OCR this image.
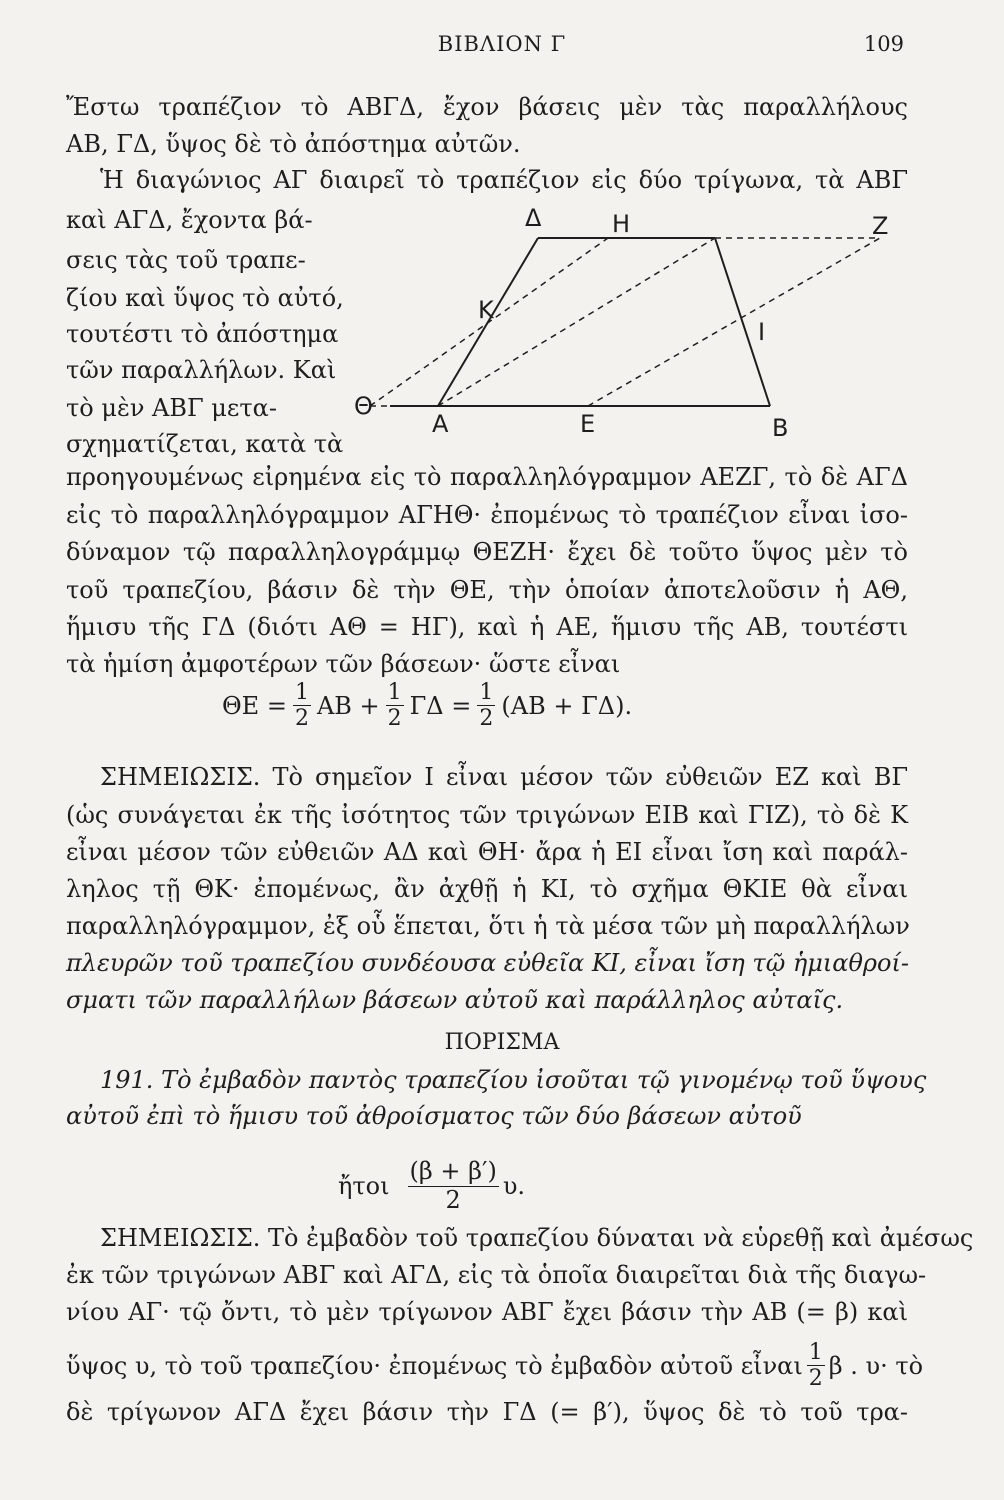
ΒΙΒΛΙΟΝ Γ	109
Ἔστω τραπέζιον τὸ ΑΒΓΔ, ἔχον βάσεις μὲν τὰς παραλλήλους
ΑΒ, ΓΔ, ὕψος δὲ τὸ ἀπόστημα αὐτῶν.
Ἡ διαγώνιος ΑΓ διαιρεῖ τὸ τραπέζιον εἰς δύο τρίγωνα, τὰ ΑΒΓ
καὶ ΑΓΔ, ἔχοντα βά-
σεις τὰς τοῦ τραπε-
ζίου καὶ ὕψος τὸ αὐτό,
τουτέστι τὸ ἀπόστημα
τῶν παραλλήλων. Καὶ
τὸ μὲν ΑΒΓ μετα-
σχηματίζεται, κατὰ τὰ
Δ	Η	Ζ
Κ
Ι
Θ
Α	Ε	Β
προηγουμένως εἰρημένα εἰς τὸ παραλληλόγραμμον ΑΕΖΓ, τὸ δὲ ΑΓΔ
εἰς τὸ παραλληλόγραμμον ΑΓΗΘ· ἐπομένως τὸ τραπέζιον εἶναι ἰσο-
δύναμον τῷ παραλληλογράμμῳ ΘΕΖΗ· ἔχει δὲ τοῦτο ὕψος μὲν τὸ
τοῦ τραπεζίου, βάσιν δὲ τὴν ΘΕ, τὴν ὁποίαν ἀποτελοῦσιν ἡ ΑΘ,
ἥμισυ τῆς ΓΔ (διότι ΑΘ = ΗΓ), καὶ ἡ ΑΕ, ἥμισυ τῆς ΑΒ, τουτέστι
τὰ ἡμίση ἀμφοτέρων τῶν βάσεων· ὥστε εἶναι
$\Theta E = \frac{1}{2}$ $AB + \frac{1}{2}$ $\Gamma\Delta = \frac{1}{2} (AB + \Gamma\Delta)$.
ΣΗΜΕΙΩΣΙΣ. Τὸ σημεῖον Ι εἶναι μέσον τῶν εὐθειῶν ΕΖ καὶ ΒΓ
(ὡς συνάγεται ἐκ τῆς ἰσότητος τῶν τριγώνων ΕΙΒ καὶ ΓΙΖ), τὸ δὲ Κ
εἶναι μέσον τῶν εὐθειῶν ΑΔ καὶ ΘΗ· ἄρα ἡ ΕΙ εἶναι ἴση καὶ παράλ-
ληλος τῇ ΘΚ· ἐπομένως, ἂν ἀχθῇ ἡ ΚΙ, τὸ σχῆμα ΘΚΙΕ θὰ εἶναι
παραλληλόγραμμον, ἐξ οὗ ἕπεται, ὅτι ἡ τὰ μέσα τῶν μὴ παραλλήλων
πλευρῶν τοῦ τραπεζίου συνδέουσα εὐθεῖα ΚΙ, εἶναι ἴση τῷ ἡμιαθροί-
σματι τῶν παραλλήλων βάσεων αὐτοῦ καὶ παράλληλος αὐταῖς.
ΠΟΡΙΣΜΑ
191. Τὸ ἐμβαδὸν παντὸς τραπεζίου ἰσοῦται τῷ γινομένῳ τοῦ ὕψους
αὐτοῦ ἐπὶ τὸ ἥμισυ τοῦ ἀθροίσματος τῶν δύο βάσεων αὐτοῦ
ἤτοι $\frac{(\beta + \beta')}{2} \upsilon$.
ΣΗΜΕΙΩΣΙΣ. Τὸ ἐμβαδὸν τοῦ τραπεζίου δύναται νὰ εὑρεθῇ καὶ ἀμέσως
ἐκ τῶν τριγώνων ΑΒΓ καὶ ΑΓΔ, εἰς τὰ ὁποῖα διαιρεῖται διὰ τῆς διαγω-
νίου ΑΓ· τῷ ὄντι, τὸ μὲν τρίγωνον ΑΒΓ ἔχει βάσιν τὴν ΑΒ (= β) καὶ
ὕψος υ, τὸ τοῦ τραπεζίου· ἐπομένως τὸ ἐμβαδὸν αὐτοῦ εἶναι $\frac{1}{2}$ β . υ· τὸ
δὲ τρίγωνον ΑΓΔ ἔχει βάσιν τὴν ΓΔ (= β′), ὕψος δὲ τὸ τοῦ τρα-
